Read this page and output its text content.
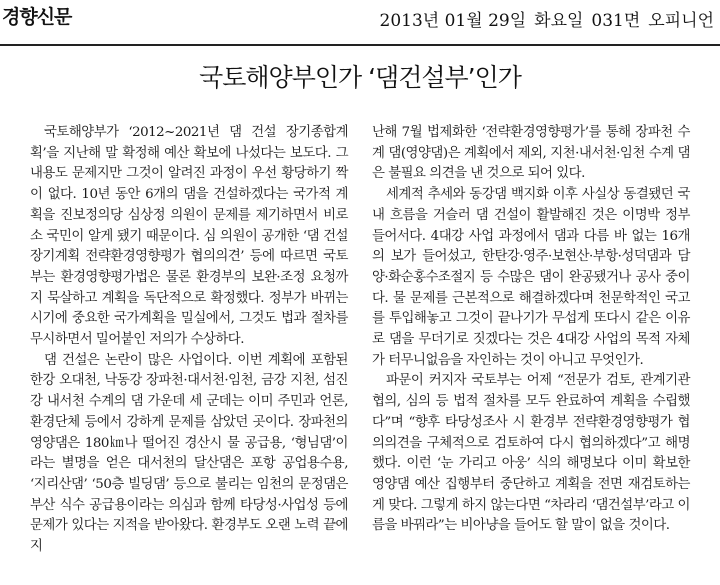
경향신문	2013년 01월 29일 화요일 031면 오피니언
국토해양부인가 ‘댐건설부’인가

국토해양부가 ‘2012~2021년 댐 건설 장기종합계획’을 지난해 말 확정해 예산 확보에 나섰다는 보도다. 그 내용도 문제지만 그것이 알려진 과정이 우선 황당하기 짝이 없다. 10년 동안 6개의 댐을 건설하겠다는 국가적 계획을 진보정의당 심상정 의원이 문제를 제기하면서 비로소 국민이 알게 됐기 때문이다. 심 의원이 공개한 ‘댐 건설 장기계획 전략환경영향평가 협의의견’ 등에 따르면 국토부는 환경영향평가법은 물론 환경부의 보완·조정 요청까지 묵살하고 계획을 독단적으로 확정했다. 정부가 바뀌는 시기에 중요한 국가계획을 밀실에서, 그것도 법과 절차를 무시하면서 밀어붙인 저의가 수상하다.

댐 건설은 논란이 많은 사업이다. 이번 계획에 포함된 한강 오대천, 낙동강 장파천·대서천·임천, 금강 지천, 섬진강 내서천 수계의 댐 가운데 세 군데는 이미 주민과 언론, 환경단체 등에서 강하게 문제를 삼았던 곳이다. 장파천의 영양댐은 180㎞나 떨어진 경산시 물 공급용, ‘형님댐’이라는 별명을 얻은 대서천의 달산댐은 포항 공업용수용, ‘지리산댐’ ‘50층 빌딩댐’ 등으로 불리는 임천의 문정댐은 부산 식수 공급용이라는 의심과 함께 타당성·사업성 등에 문제가 있다는 지적을 받아왔다. 환경부도 오랜 노력 끝에 지

난해 7월 법제화한 ‘전략환경영향평가’를 통해 장파천 수계 댐(영양댐)은 계획에서 제외, 지천·내서천·임천 수계 댐은 불필요 의견을 낸 것으로 되어 있다.

세계적 추세와 동강댐 백지화 이후 사실상 동결됐던 국내 흐름을 거슬러 댐 건설이 활발해진 것은 이명박 정부 들어서다. 4대강 사업 과정에서 댐과 다름 바 없는 16개의 보가 들어섰고, 한탄강·영주·보현산·부항·성덕댐과 담양·화순홍수조절지 등 수많은 댐이 완공됐거나 공사 중이다. 물 문제를 근본적으로 해결하겠다며 천문학적인 국고를 투입해놓고 그것이 끝나기가 무섭게 또다시 같은 이유로 댐을 무더기로 짓겠다는 것은 4대강 사업의 목적 자체가 터무니없음을 자인하는 것이 아니고 무엇인가.

파문이 커지자 국토부는 어제 “전문가 검토, 관계기관 협의, 심의 등 법적 절차를 모두 완료하여 계획을 수립했다”며 “향후 타당성조사 시 환경부 전략환경영향평가 협의의견을 구체적으로 검토하여 다시 협의하겠다”고 해명했다. 이런 ‘눈 가리고 아웅’ 식의 해명보다 이미 확보한 영양댐 예산 집행부터 중단하고 계획을 전면 재검토하는 게 맞다. 그렇게 하지 않는다면 “차라리 ‘댐건설부’라고 이름을 바꿔라”는 비아냥을 들어도 할 말이 없을 것이다.
